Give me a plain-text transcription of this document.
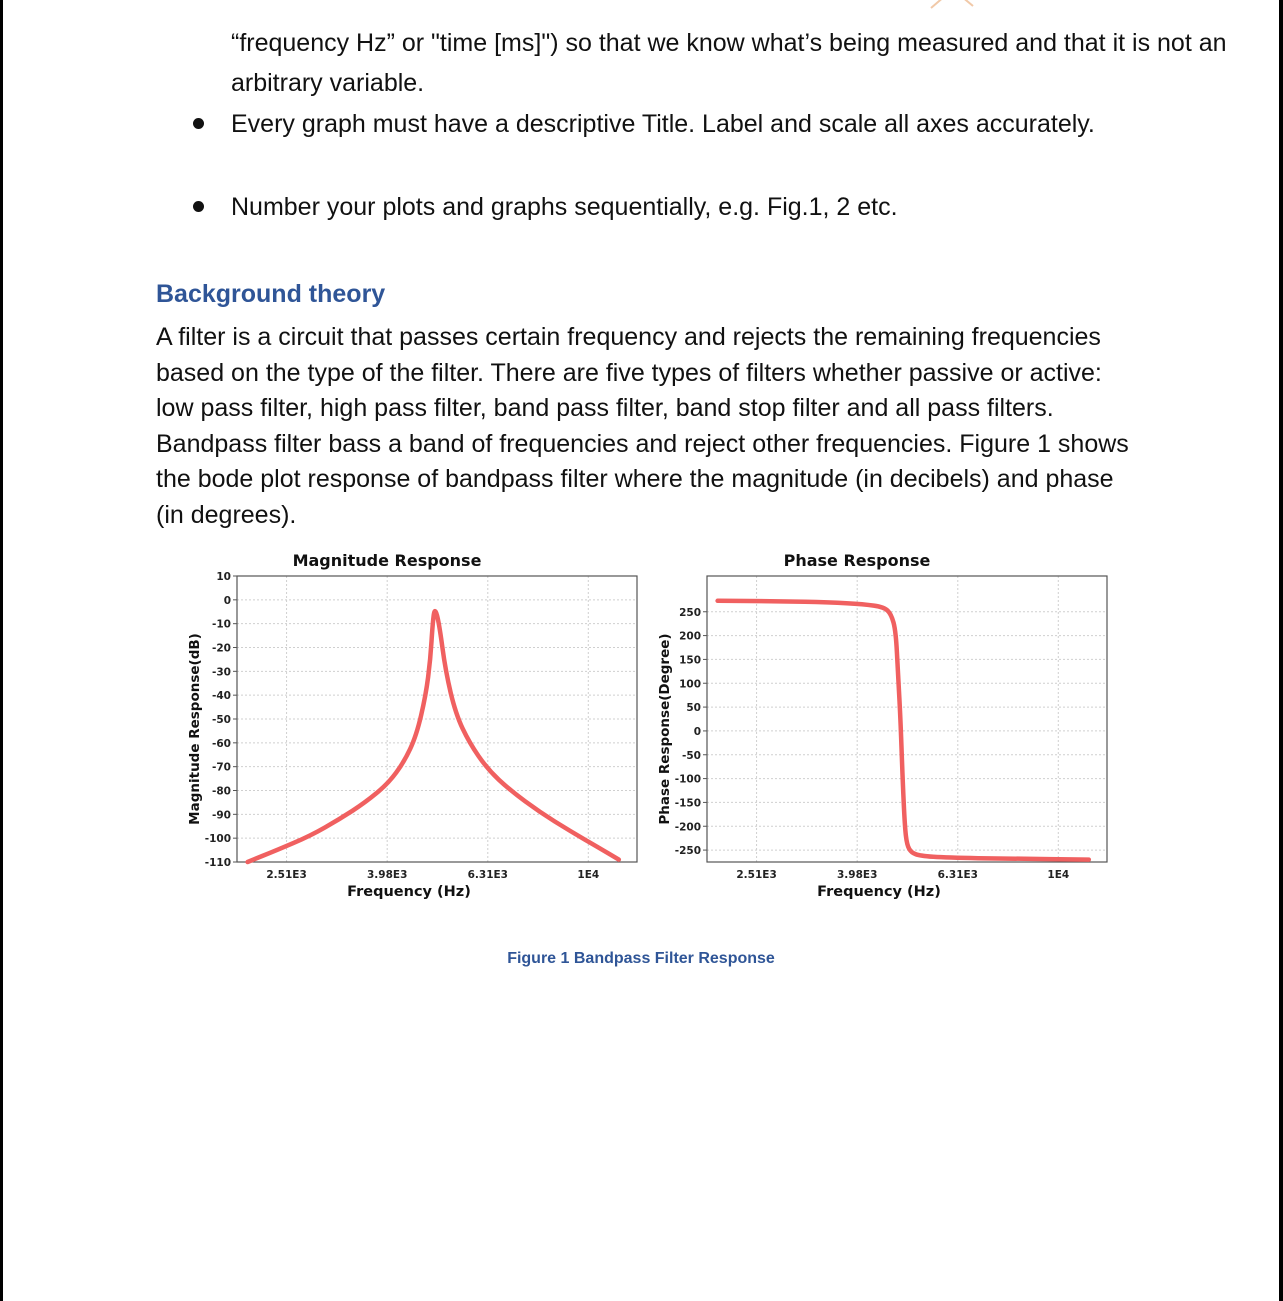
“frequency Hz” or "time [ms]") so that we know what’s being measured and that it is not an arbitrary variable.

Every graph must have a descriptive Title. Label and scale all axes accurately.
Number your plots and graphs sequentially, e.g. Fig.1, 2 etc.
Background theory

A filter is a circuit that passes certain frequency and rejects the remaining frequencies based on the type of the filter. There are five types of filters whether passive or active: low pass filter, high pass filter, band pass filter, band stop filter and all pass filters. Bandpass filter bass a band of frequencies and reject other frequencies. Figure 1 shows the bode plot response of bandpass filter where the magnitude (in decibels) and phase (in degrees).

10
0
-10
-20
-30
-40
-50
-60
-70
-80
-90
-100
-110
2.51E3	3.98E3	6.31E3	1E4
Magnitude Response
Frequency (Hz)
Magnitude Response(dB)
250
200
150
100
50
0
-50
-100
-150
-200
-250
2.51E3	3.98E3	6.31E3	1E4
Phase Response
Frequency (Hz)
Phase Response(Degree)
Figure 1 Bandpass Filter Response
